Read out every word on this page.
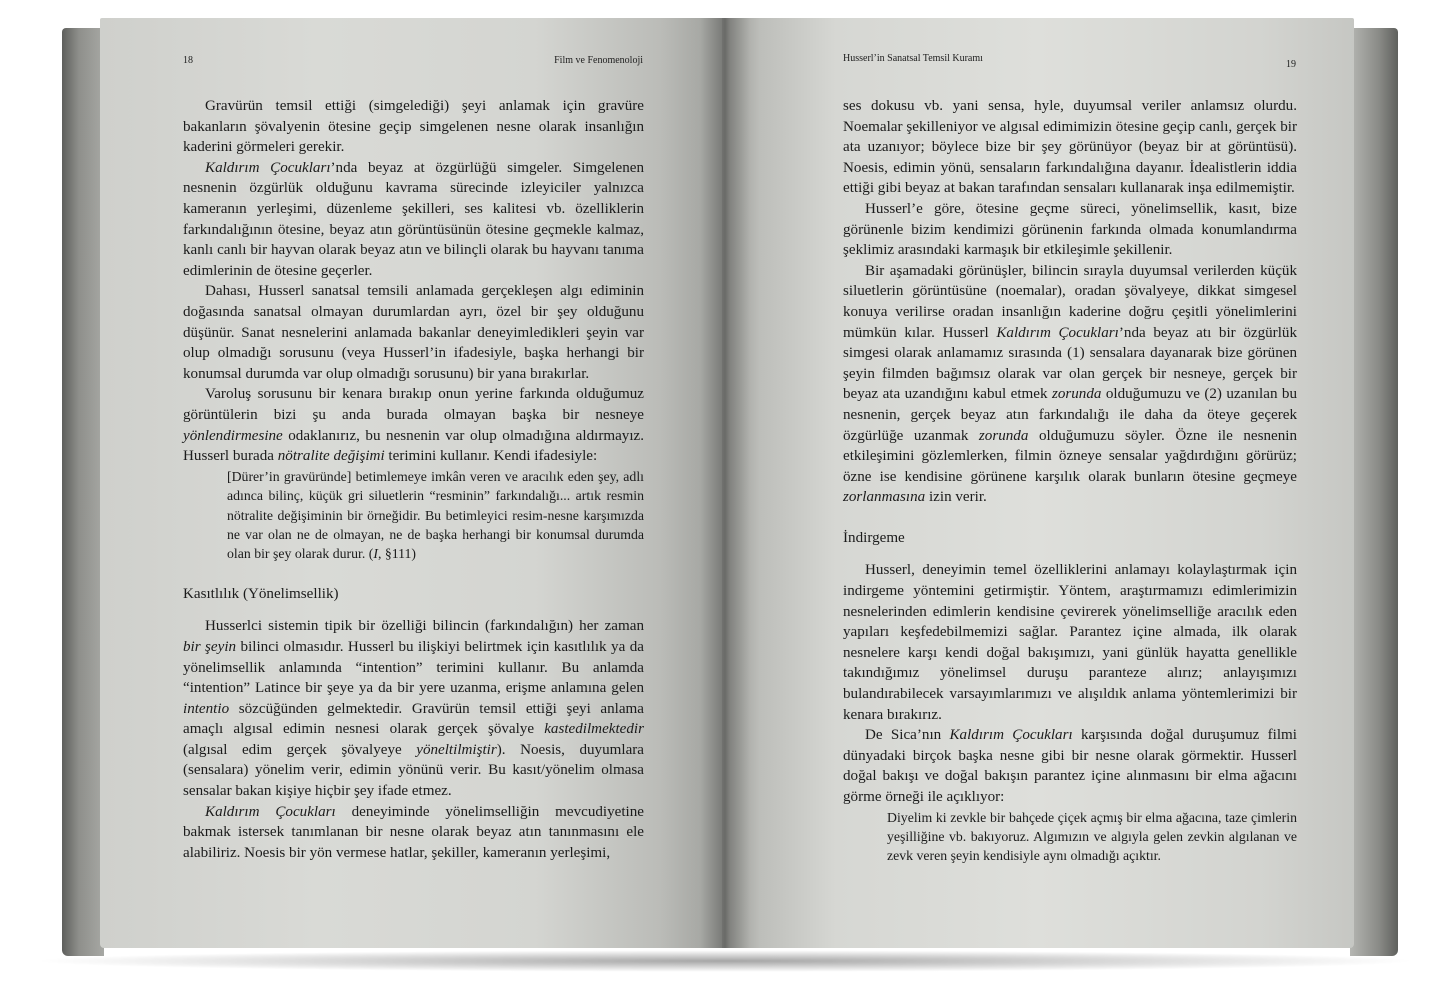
18	Film ve Fenomenoloji	Husserl’in Sanatsal Temsil Kuramı
19

Gravürün temsil ettiği (simgelediği) şeyi anlamak için gravüre bakanların şövalyenin ötesine geçip simgelenen nesne olarak insanlığın kaderini görmeleri gerekir.

Kaldırım Çocukları’nda beyaz at özgürlüğü simgeler. Simgelenen nesnenin özgürlük olduğunu kavrama sürecinde izleyiciler yalnızca kameranın yerleşimi, düzenleme şekilleri, ses kalitesi vb. özelliklerin farkındalığının ötesine, beyaz atın görüntüsünün ötesine geçmekle kalmaz, kanlı canlı bir hayvan olarak beyaz atın ve bilinçli olarak bu hayvanı tanıma edimlerinin de ötesine geçerler.

Dahası, Husserl sanatsal temsili anlamada gerçekleşen algı ediminin doğasında sanatsal olmayan durumlardan ayrı, özel bir şey olduğunu düşünür. Sanat nesnelerini anlamada bakanlar deneyimledikleri şeyin var olup olmadığı sorusunu (veya Husserl’in ifadesiyle, başka herhangi bir konumsal durumda var olup olmadığı sorusunu) bir yana bırakırlar.

Varoluş sorusunu bir kenara bırakıp onun yerine farkında olduğumuz görüntülerin bizi şu anda burada olmayan başka bir nesneye yönlendirmesine odaklanırız, bu nesnenin var olup olmadığına aldırmayız. Husserl burada nötralite değişimi terimini kullanır. Kendi ifadesiyle:

[Dürer’in gravüründe] betimlemeye imkân veren ve aracılık eden şey, adlı adınca bilinç, küçük gri siluetlerin “resminin” farkındalığı... artık resmin nötralite değişiminin bir örneğidir. Bu betimleyici resim-nesne karşımızda ne var olan ne de olmayan, ne de başka herhangi bir konumsal durumda olan bir şey olarak durur. (I, §111)

Kasıtlılık (Yönelimsellik)

Husserlci sistemin tipik bir özelliği bilincin (farkındalığın) her zaman bir şeyin bilinci olmasıdır. Husserl bu ilişkiyi belirtmek için kasıtlılık ya da yönelimsellik anlamında “intention” terimini kullanır. Bu anlamda “intention” Latince bir şeye ya da bir yere uzanma, erişme anlamına gelen intentio sözcüğünden gelmektedir. Gravürün temsil ettiği şeyi anlama amaçlı algısal edimin nesnesi olarak gerçek şövalye kastedilmektedir (algısal edim gerçek şövalyeye yöneltilmiştir). Noesis, duyumlara (sensalara) yönelim verir, edimin yönünü verir. Bu kasıt/yönelim olmasa sensalar bakan kişiye hiçbir şey ifade etmez.

Kaldırım Çocukları deneyiminde yönelimselliğin mevcudiyetine bakmak istersek tanımlanan bir nesne olarak beyaz atın tanınmasını ele alabiliriz. Noesis bir yön vermese hatlar, şekiller, kameranın yerleşimi,

ses dokusu vb. yani sensa, hyle, duyumsal veriler anlamsız olurdu. Noemalar şekilleniyor ve algısal edimimizin ötesine geçip canlı, gerçek bir ata uzanıyor; böylece bize bir şey görünüyor (beyaz bir at görüntüsü). Noesis, edimin yönü, sensaların farkındalığına dayanır. İdealistlerin iddia ettiği gibi beyaz at bakan tarafından sensaları kullanarak inşa edilmemiştir.

Husserl’e göre, ötesine geçme süreci, yönelimsellik, kasıt, bize görünenle bizim kendimizi görünenin farkında olmada konumlandırma şeklimiz arasındaki karmaşık bir etkileşimle şekillenir.

Bir aşamadaki görünüşler, bilincin sırayla duyumsal verilerden küçük siluetlerin görüntüsüne (noemalar), oradan şövalyeye, dikkat simgesel konuya verilirse oradan insanlığın kaderine doğru çeşitli yönelimlerini mümkün kılar. Husserl Kaldırım Çocukları’nda beyaz atı bir özgürlük simgesi olarak anlamamız sırasında (1) sensalara dayanarak bize görünen şeyin filmden bağımsız olarak var olan gerçek bir nesneye, gerçek bir beyaz ata uzandığını kabul etmek zorunda olduğumuzu ve (2) uzanılan bu nesnenin, gerçek beyaz atın farkındalığı ile daha da öteye geçerek özgürlüğe uzanmak zorunda olduğumuzu söyler. Özne ile nesnenin etkileşimini gözlemlerken, filmin özneye sensalar yağdırdığını görürüz; özne ise kendisine görünene karşılık olarak bunların ötesine geçmeye zorlanmasına izin verir.

İndirgeme

Husserl, deneyimin temel özelliklerini anlamayı kolaylaştırmak için indirgeme yöntemini getirmiştir. Yöntem, araştırmamızı edimlerimizin nesnelerinden edimlerin kendisine çevirerek yönelimselliğe aracılık eden yapıları keşfedebilmemizi sağlar. Parantez içine almada, ilk olarak nesnelere karşı kendi doğal bakışımızı, yani günlük hayatta genellikle takındığımız yönelimsel duruşu paranteze alırız; anlayışımızı bulandırabilecek varsayımlarımızı ve alışıldık anlama yöntemlerimizi bir kenara bırakırız.

De Sica’nın Kaldırım Çocukları karşısında doğal duruşumuz filmi dünyadaki birçok başka nesne gibi bir nesne olarak görmektir. Husserl doğal bakışı ve doğal bakışın parantez içine alınmasını bir elma ağacını görme örneği ile açıklıyor:

Diyelim ki zevkle bir bahçede çiçek açmış bir elma ağacına, taze çimlerin yeşilliğine vb. bakıyoruz. Algımızın ve algıyla gelen zevkin algılanan ve zevk veren şeyin kendisiyle aynı olmadığı açıktır.
